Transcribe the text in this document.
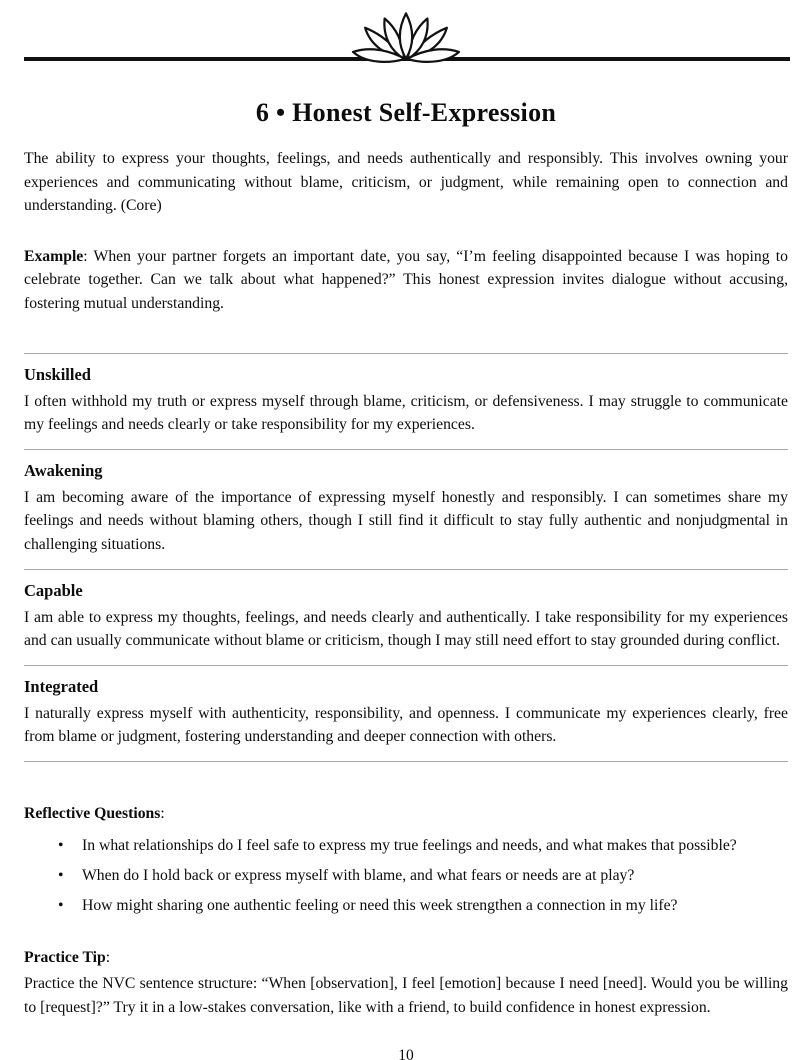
6 • Honest Self-Expression

The ability to express your thoughts, feelings, and needs authentically and responsibly. This involves owning your experiences and communicating without blame, criticism, or judgment, while remaining open to connection and understanding. (Core)

Example: When your partner forgets an important date, you say, “I’m feeling disappointed because I was hoping to celebrate together. Can we talk about what happened?” This honest expression invites dialogue without accusing, fostering mutual understanding.

Unskilled

I often withhold my truth or express myself through blame, criticism, or defensiveness. I may struggle to communicate my feelings and needs clearly or take responsibility for my experiences.

Awakening

I am becoming aware of the importance of expressing myself honestly and responsibly. I can sometimes share my feelings and needs without blaming others, though I still find it difficult to stay fully authentic and nonjudgmental in challenging situations.

Capable

I am able to express my thoughts, feelings, and needs clearly and authentically. I take responsibility for my experiences and can usually communicate without blame or criticism, though I may still need effort to stay grounded during conflict.

Integrated

I naturally express myself with authenticity, responsibility, and openness. I communicate my experiences clearly, free from blame or judgment, fostering understanding and deeper connection with others.

Reflective Questions:
• In what relationships do I feel safe to express my true feelings and needs, and what makes that possible?
• When do I hold back or express myself with blame, and what fears or needs are at play?
• How might sharing one authentic feeling or need this week strengthen a connection in my life?
Practice Tip:

Practice the NVC sentence structure: “When [observation], I feel [emotion] because I need [need]. Would you be willing to [request]?” Try it in a low-stakes conversation, like with a friend, to build confidence in honest expression.

10
